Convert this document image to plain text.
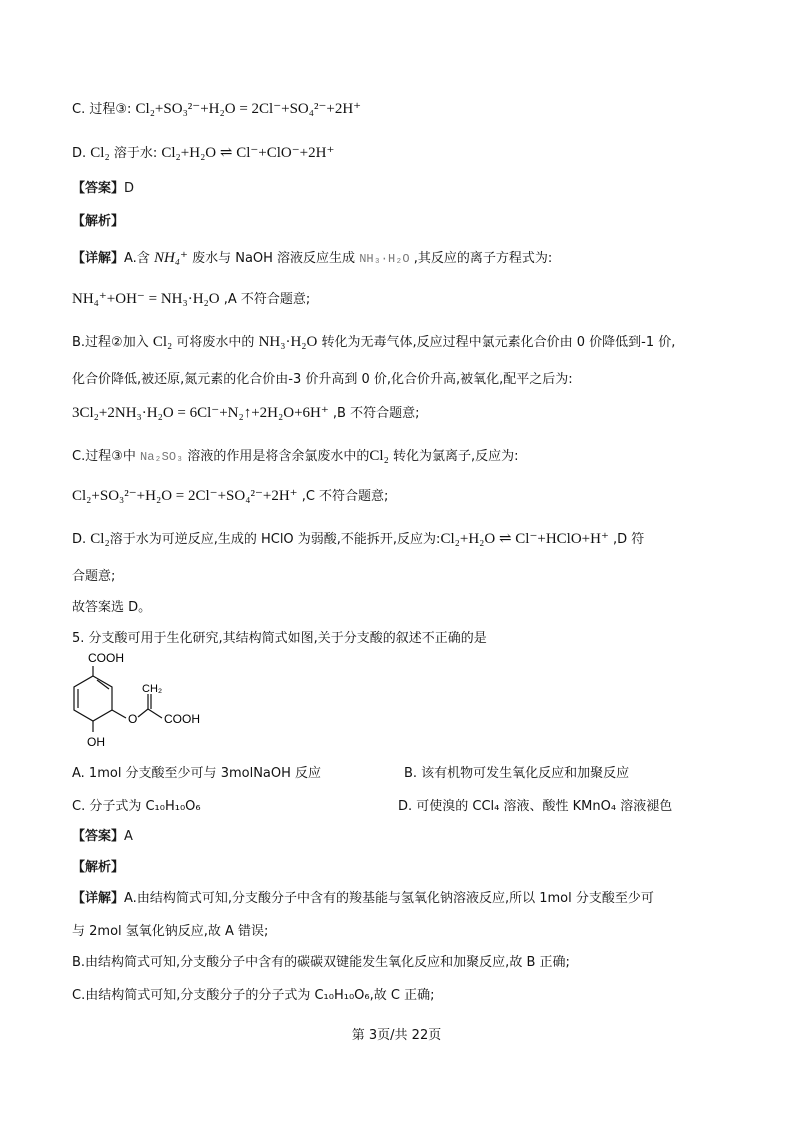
C. 过程③: Cl₂+SO₃²⁻+H₂O = 2Cl⁻+SO₄²⁻+2H⁺
D. Cl₂ 溶于水: Cl₂+H₂O ⇌ Cl⁻+ClO⁻+2H⁺
【答案】D
【解析】
【详解】A.含 NH₄⁺ 废水与 NaOH 溶液反应生成 NH₃·H₂O ,其反应的离子方程式为:
NH₄⁺+OH⁻ = NH₃·H₂O ,A 不符合题意;
B.过程②加入 Cl₂ 可将废水中的 NH₃·H₂O 转化为无毒气体,反应过程中氯元素化合价由 0 价降低到-1 价,
化合价降低,被还原,氮元素的化合价由-3 价升高到 0 价,化合价升高,被氧化,配平之后为:
3Cl₂+2NH₃·H₂O = 6Cl⁻+N₂↑+2H₂O+6H⁺ ,B 不符合题意;
C.过程③中 Na₂SO₃ 溶液的作用是将含余氯废水中的Cl₂ 转化为氯离子,反应为:
Cl₂+SO₃²⁻+H₂O = 2Cl⁻+SO₄²⁻+2H⁺ ,C 不符合题意;
D. Cl₂溶于水为可逆反应,生成的 HClO 为弱酸,不能拆开,反应为:Cl₂+H₂O ⇌ Cl⁻+HClO+H⁺ ,D 符
合题意;
故答案选 D。
5. 分支酸可用于生化研究,其结构简式如图,关于分支酸的叙述不正确的是
COOH
O
CH₂
COOH
OH
A. 1mol 分支酸至少可与 3molNaOH 反应	B. 该有机物可发生氧化反应和加聚反应
C. 分子式为 C₁₀H₁₀O₆	D. 可使溴的 CCl₄ 溶液、酸性 KMnO₄ 溶液褪色
【答案】A
【解析】
【详解】A.由结构简式可知,分支酸分子中含有的羧基能与氢氧化钠溶液反应,所以 1mol 分支酸至少可
与 2mol 氢氧化钠反应,故 A 错误;
B.由结构简式可知,分支酸分子中含有的碳碳双键能发生氧化反应和加聚反应,故 B 正确;
C.由结构简式可知,分支酸分子的分子式为 C₁₀H₁₀O₆,故 C 正确;
第 3页/共 22页
